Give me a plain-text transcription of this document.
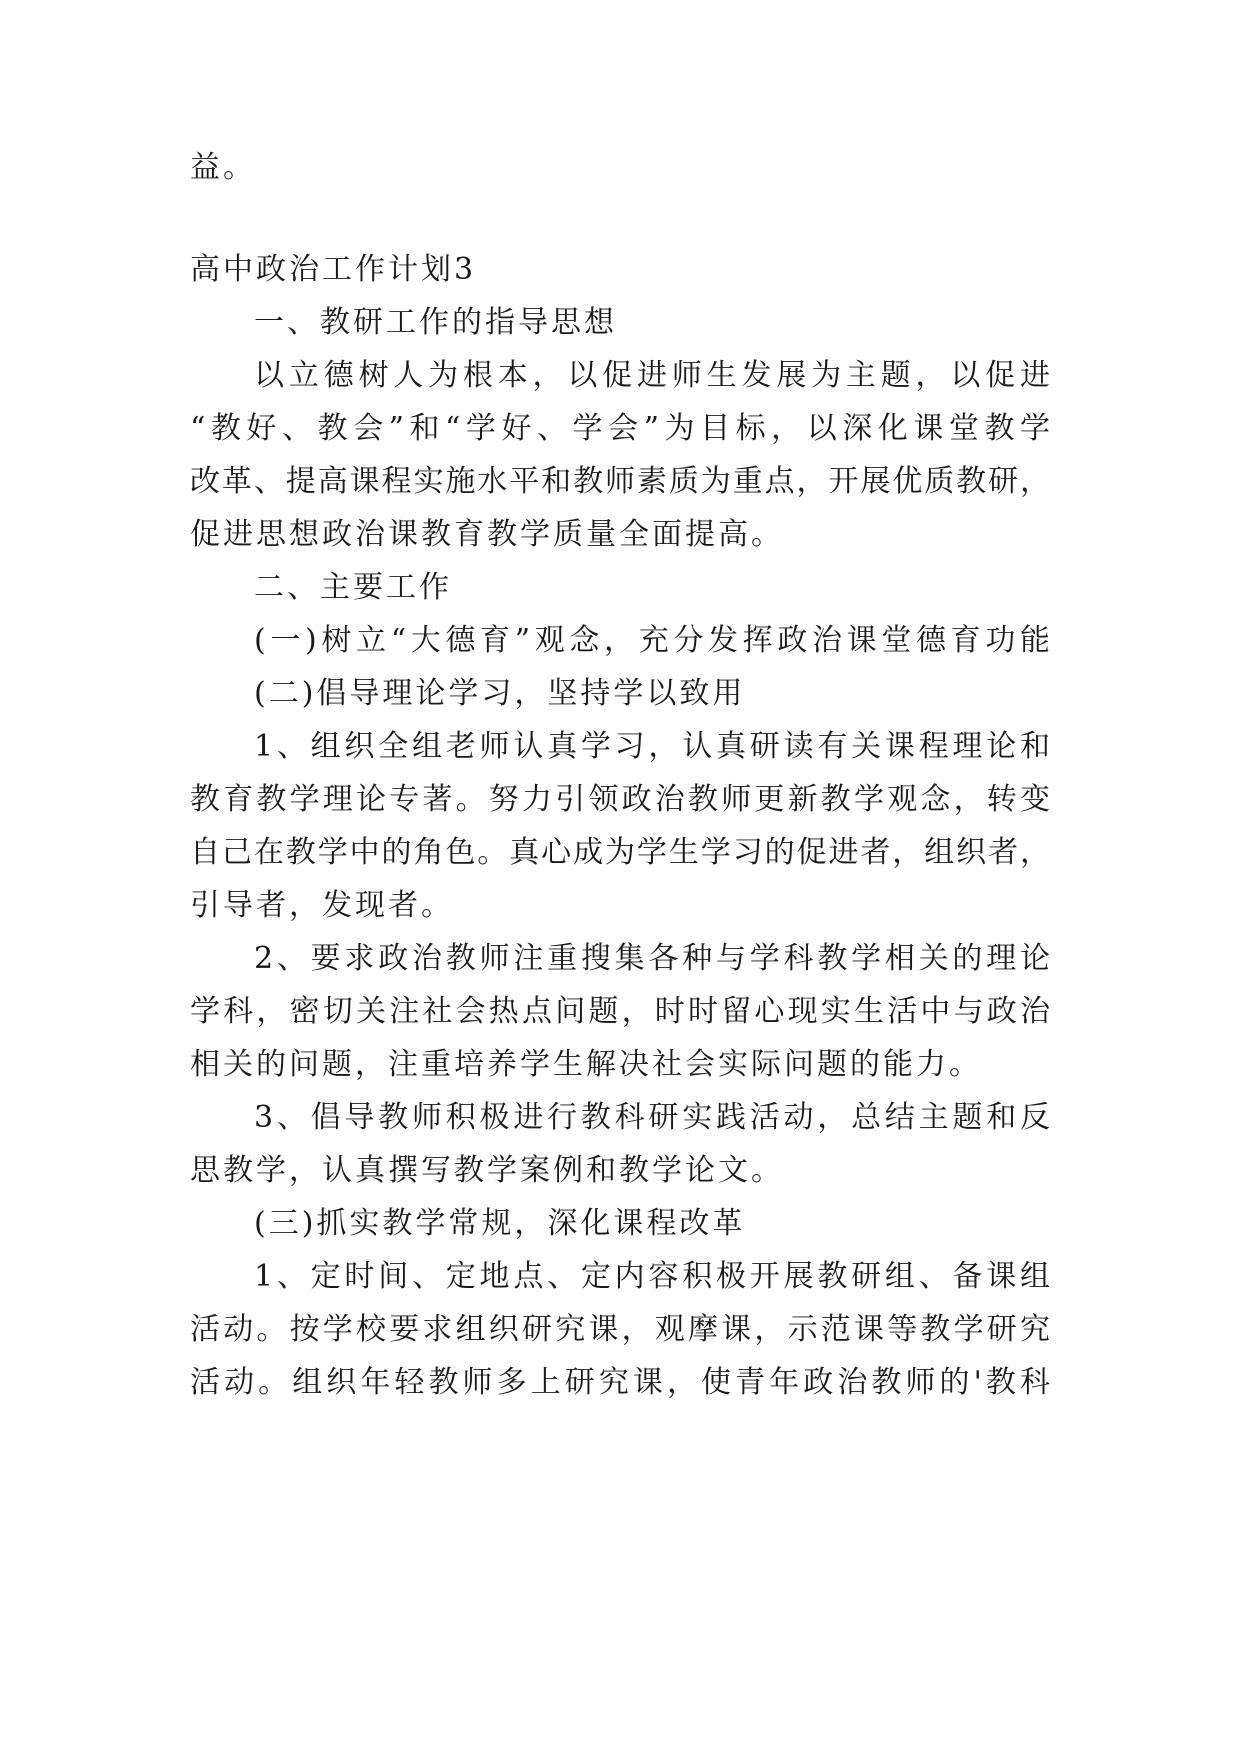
益。
高中政治工作计划3
一、教研工作的指导思想
以立德树人为根本，以促进师生发展为主题，以促进
“教好、教会”和“学好、学会”为目标，以深化课堂教学
改革、提高课程实施水平和教师素质为重点，开展优质教研，
促进思想政治课教育教学质量全面提高。
二、主要工作
(一)树立“大德育”观念，充分发挥政治课堂德育功能
(二)倡导理论学习，坚持学以致用
1、组织全组老师认真学习，认真研读有关课程理论和
教育教学理论专著。努力引领政治教师更新教学观念，转变
自己在教学中的角色。真心成为学生学习的促进者，组织者，
引导者，发现者。
2、要求政治教师注重搜集各种与学科教学相关的理论
学科，密切关注社会热点问题，时时留心现实生活中与政治
相关的问题，注重培养学生解决社会实际问题的能力。
3、倡导教师积极进行教科研实践活动，总结主题和反
思教学，认真撰写教学案例和教学论文。
(三)抓实教学常规，深化课程改革
1、定时间、定地点、定内容积极开展教研组、备课组
活动。按学校要求组织研究课，观摩课，示范课等教学研究
活动。组织年轻教师多上研究课，使青年政治教师的'教科
